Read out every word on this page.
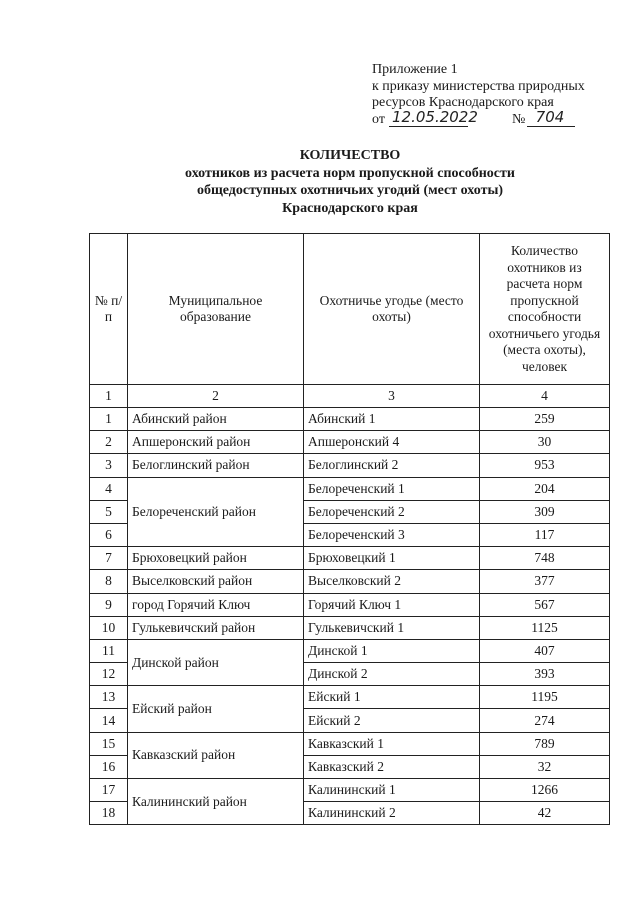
Приложение 1
к приказу министерства природных
ресурсов Краснодарского края
от 12.05.2022 № 704
КОЛИЧЕСТВО
охотников из расчета норм пропускной способности
общедоступных охотничьих угодий (мест охоты)
Краснодарского края
№ п/п	Муниципальное образование	Охотничье угодье (место охоты)	Количество охотников из расчета норм пропускной способности охотничьего угодья (места охоты), человек
1	2	3	4
1	Абинский район	Абинский 1	259
2	Апшеронский район	Апшеронский 4	30
3	Белоглинский район	Белоглинский 2	953
4	Белореченский район	Белореченский 1	204
5		Белореченский 2	309
6		Белореченский 3	117
7	Брюховецкий район	Брюховецкий 1	748
8	Выселковский район	Выселковский 2	377
9	город Горячий Ключ	Горячий Ключ 1	567
10	Гулькевичский район	Гулькевичский 1	1125
11	Динской район	Динской 1	407
12		Динской 2	393
13	Ейский район	Ейский 1	1195
14		Ейский 2	274
15	Кавказский район	Кавказский 1	789
16		Кавказский 2	32
17	Калининский район	Калининский 1	1266
18		Калининский 2	42
